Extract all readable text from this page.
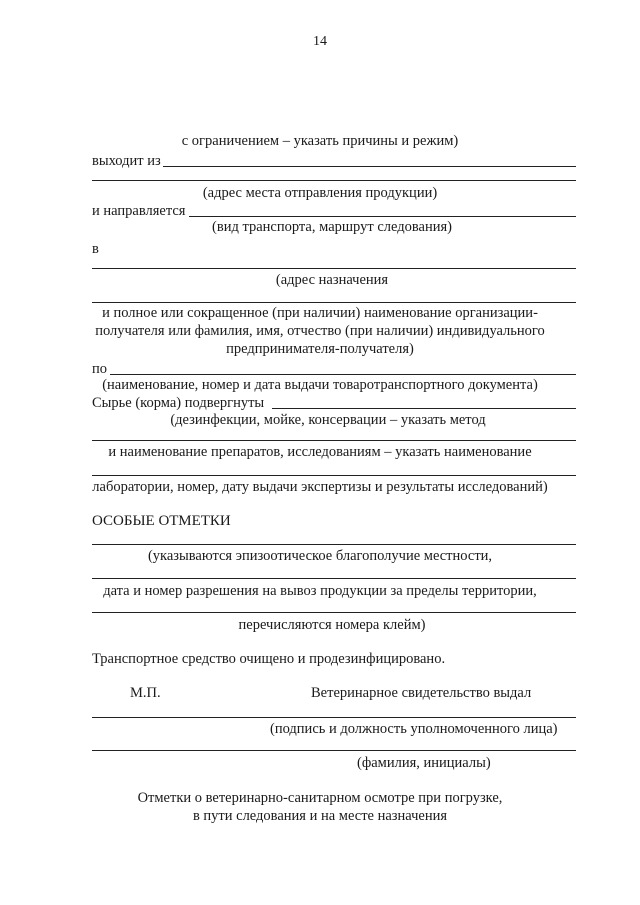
14
с ограничением – указать причины и режим)
выходит из
(адрес места отправления продукции)
и направляется
(вид транспорта, маршрут следования)
в
(адрес назначения
и полное или сокращенное (при наличии) наименование организации-
получателя или фамилия, имя, отчество (при наличии) индивидуального
предпринимателя-получателя)
по
(наименование, номер и дата выдачи товаротранспортного документа)
Сырье (корма) подвергнуты
(дезинфекции, мойке, консервации – указать метод
и наименование препаратов, исследованиям – указать наименование
лаборатории, номер, дату выдачи экспертизы и результаты исследований)
ОСОБЫЕ ОТМЕТКИ
(указываются эпизоотическое благополучие местности,
дата и номер разрешения на вывоз продукции за пределы территории,
перечисляются номера клейм)
Транспортное средство очищено и продезинфицировано.
М.П.	Ветеринарное свидетельство выдал
(подпись и должность уполномоченного лица)
(фамилия, инициалы)
Отметки о ветеринарно-санитарном осмотре при погрузке,
в пути следования и на месте назначения
